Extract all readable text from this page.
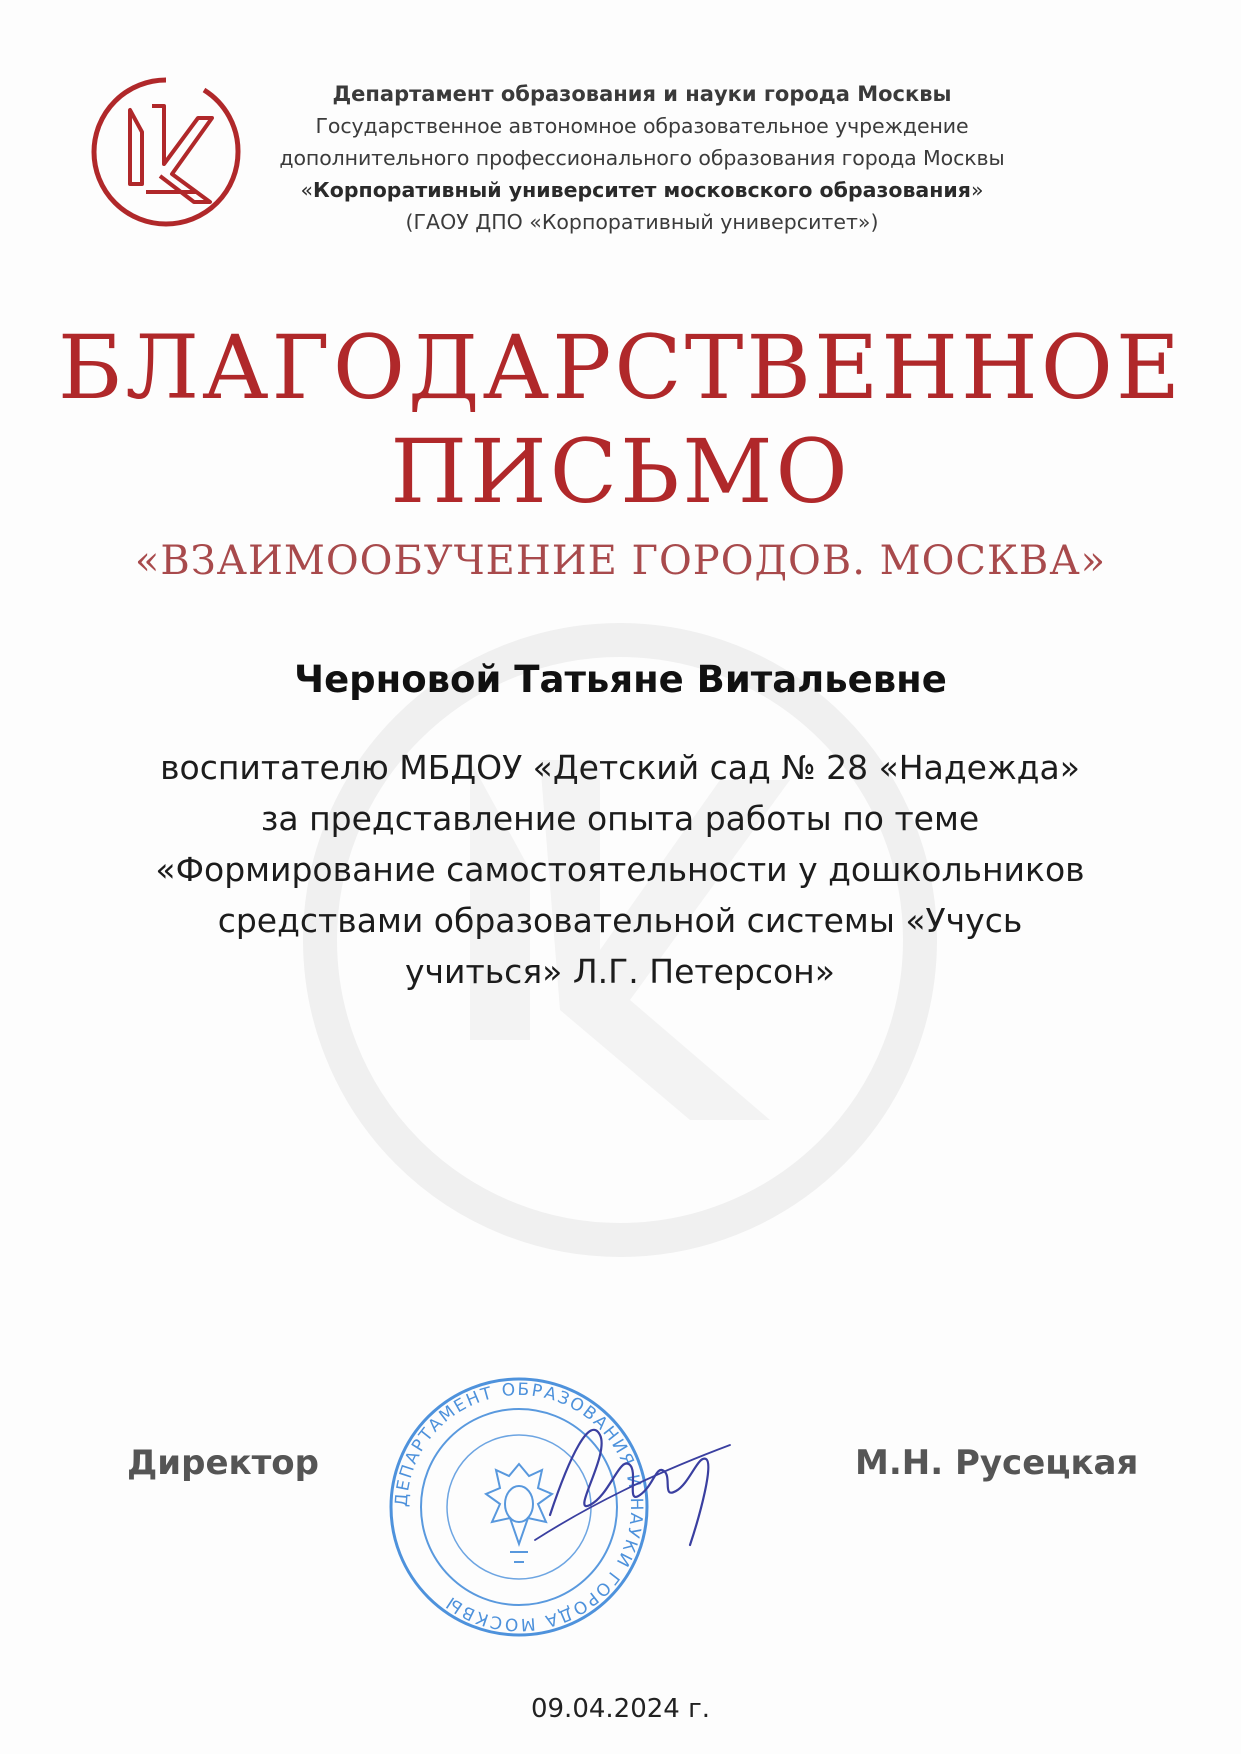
Департамент образования и науки города Москвы
Государственное автономное образовательное учреждение
дополнительного профессионального образования города Москвы
«Корпоративный университет московского образования»
(ГАОУ ДПО «Корпоративный университет»)
БЛАГОДАРСТВЕННОЕ
ПИСЬМО
«ВЗАИМООБУЧЕНИЕ ГОРОДОВ. МОСКВА»
Черновой Татьяне Витальевне
воспитателю МБДОУ «Детский сад № 28 «Надежда»
за представление опыта работы по теме
«Формирование самостоятельности у дошкольников
средствами образовательной системы «Учусь
учиться» Л.Г. Петерсон»
Директор	М.Н. Русецкая
ДЕПАРТАМЕНТ ОБРАЗОВАНИЯ И НАУКИ ГОРОДА МОСКВЫ
09.04.2024 г.
